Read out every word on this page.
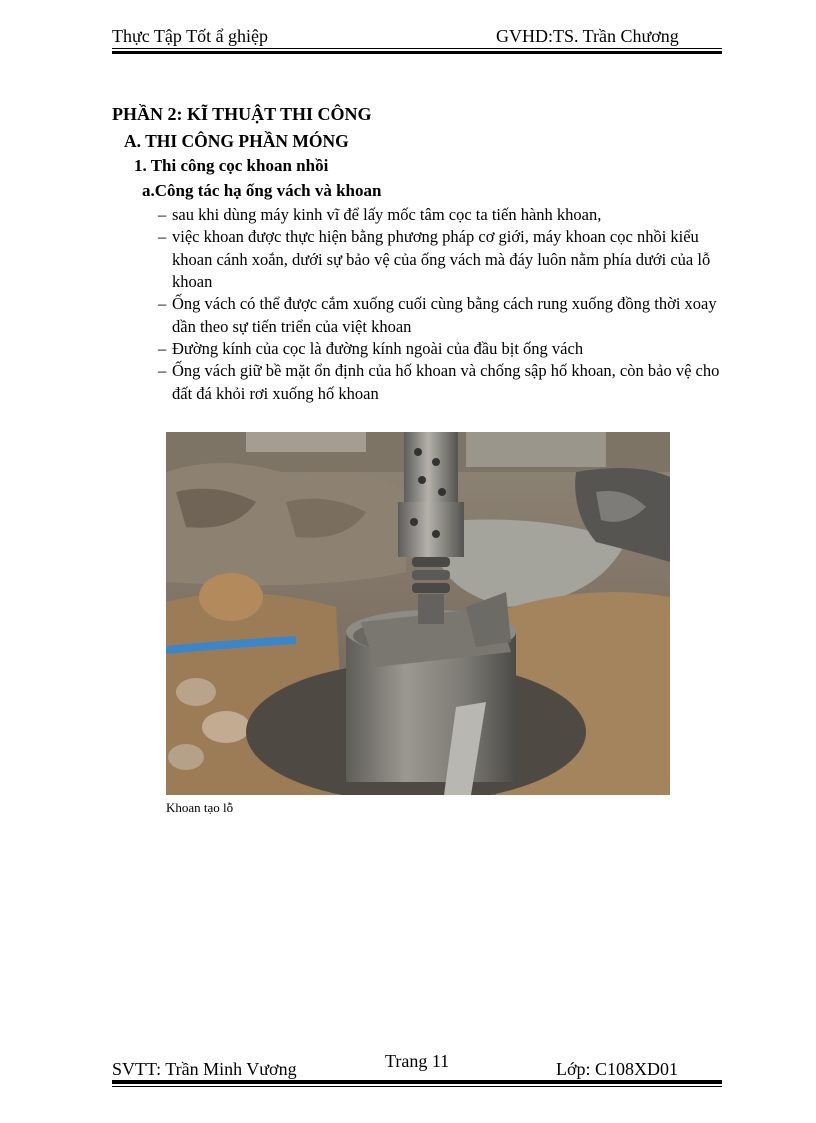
Thực Tập Tốt ẩ ghiệp	GVHD:TS. Trần Chương
PHẦN 2: KĨ THUẬT THI CÔNG
A. THI CÔNG PHẦN MÓNG
1. Thi công cọc khoan nhồi
a.Công tác hạ ống vách và khoan
– sau khi dùng máy kinh vĩ để lấy mốc tâm cọc ta tiến hành khoan,
– việc khoan được thực hiện bằng phương pháp cơ giới, máy khoan cọc nhồi kiểu khoan cánh xoắn, dưới sự bảo vệ của ống vách mà đáy luôn nằm phía dưới của lỗ khoan
– Ống vách có thể được cắm xuống cuối cùng bằng cách rung xuống đồng thời xoay dần theo sự tiến triển của việt khoan
– Đường kính của cọc là đường kính ngoài của đầu bịt ống vách
– Ống vách giữ bề mặt ổn định của hố khoan và chống sập hố khoan, còn bảo vệ cho đất đá khỏi rơi xuống hố khoan
Khoan tạo lỗ
Trang 11
SVTT: Trần Minh Vương	Lớp: C108XD01
